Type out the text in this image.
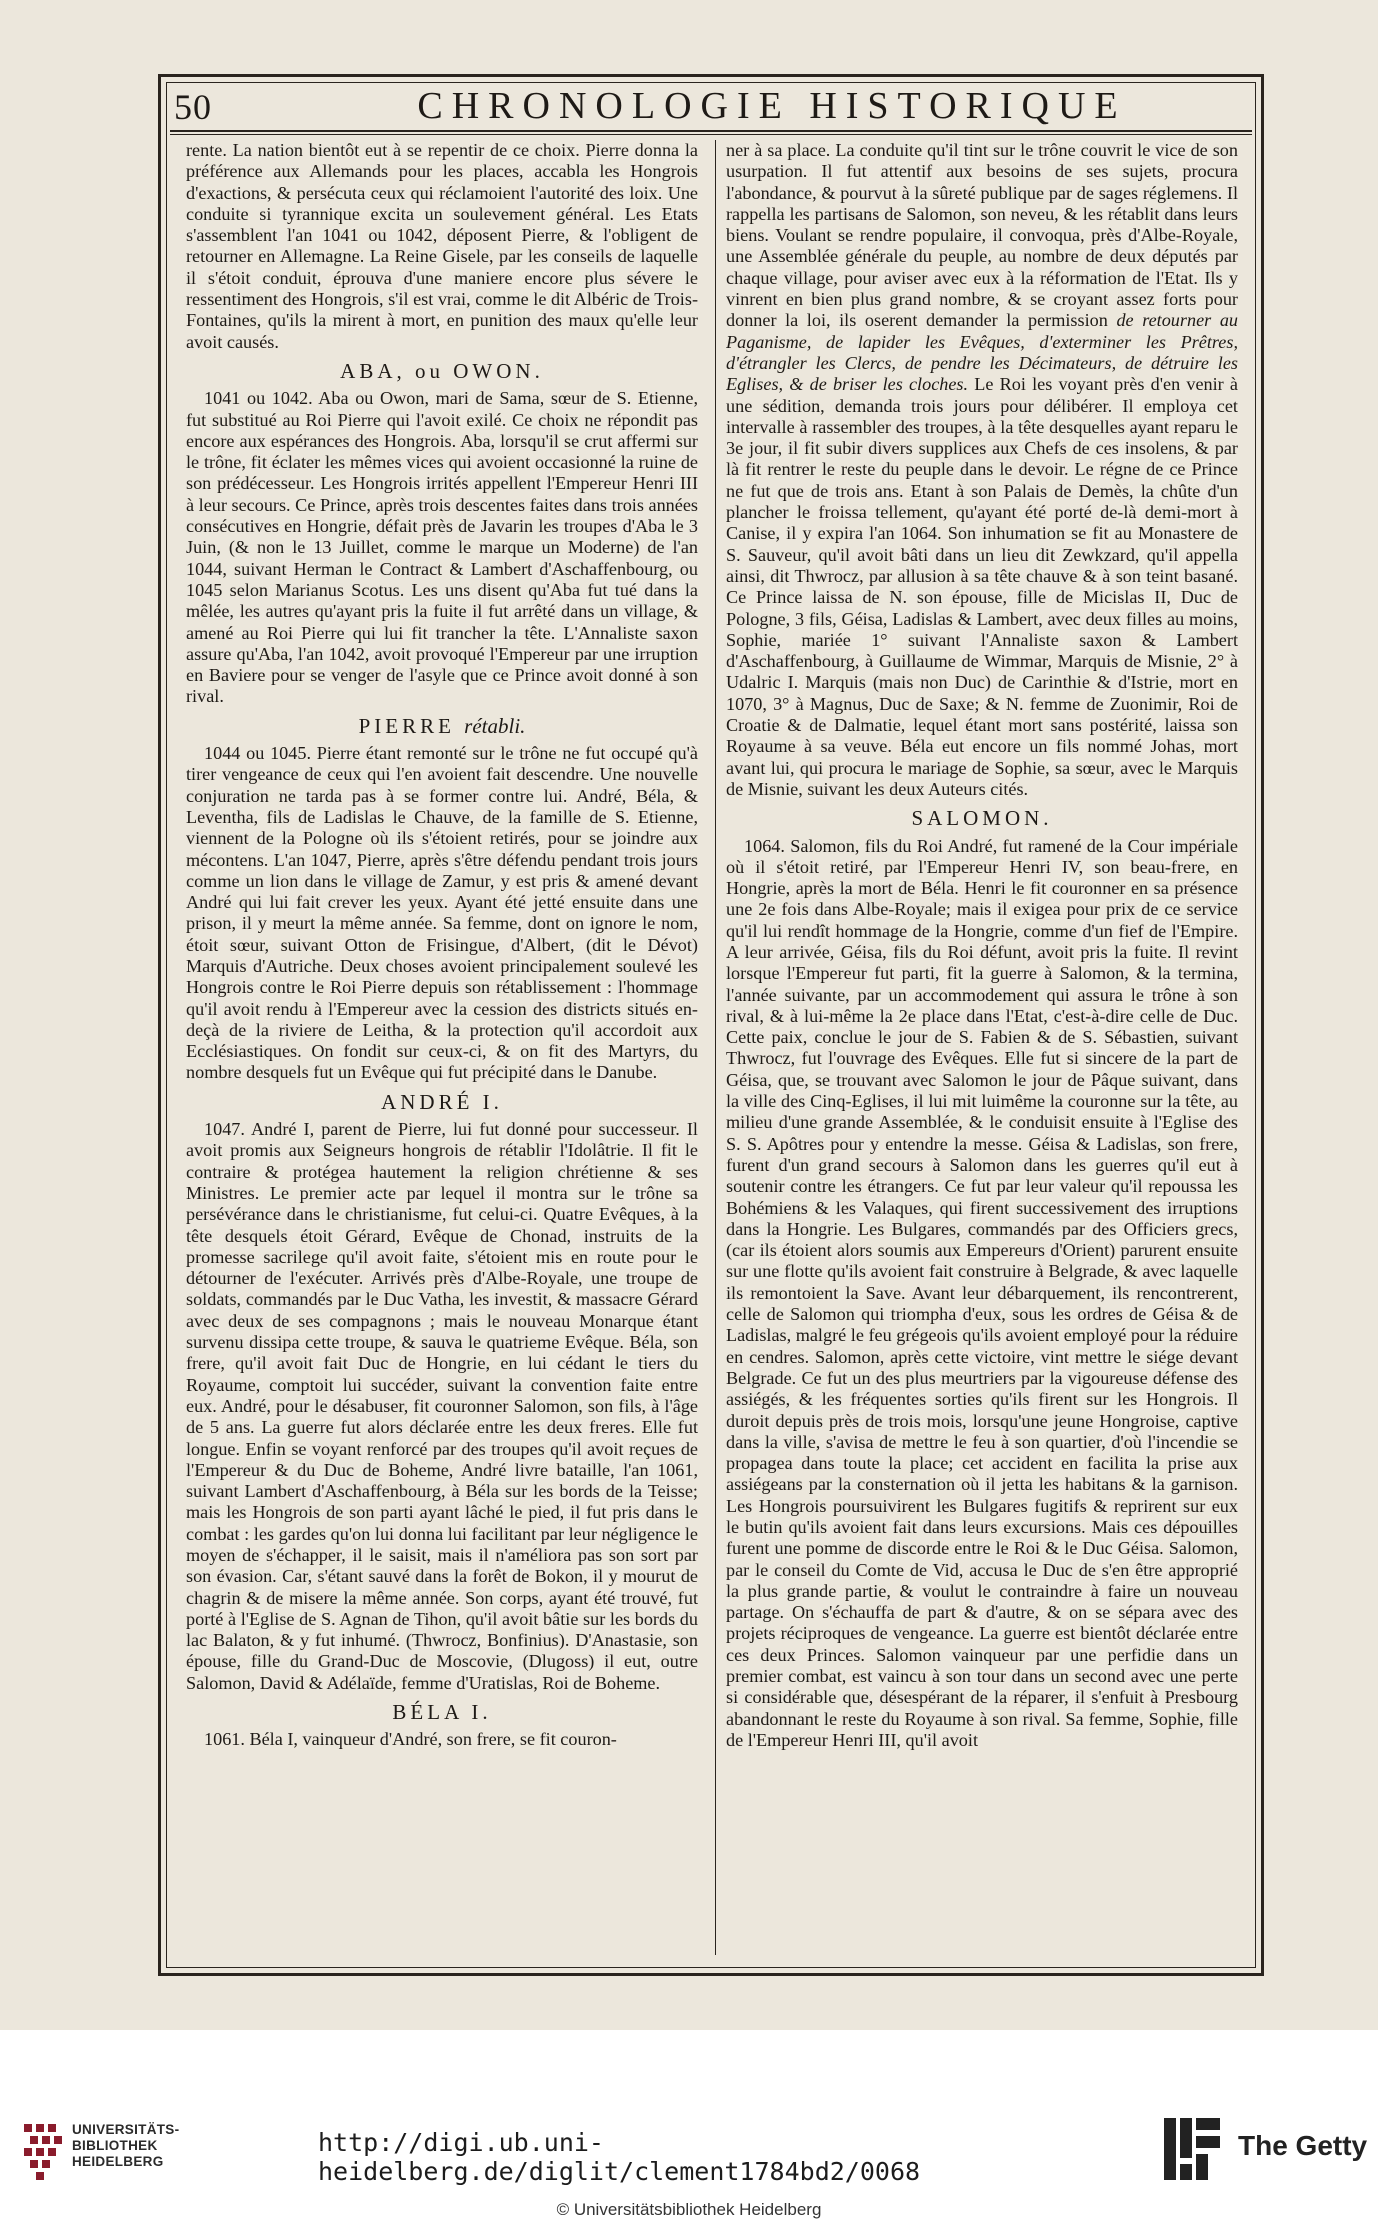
50	CHRONOLOGIE HISTORIQUE

rente. La nation bientôt eut à se repentir de ce choix. Pierre donna la préférence aux Allemands pour les places, accabla les Hongrois d'exactions, & persécuta ceux qui réclamoient l'autorité des loix. Une conduite si tyrannique excita un soulevement général. Les Etats s'assemblent l'an 1041 ou 1042, déposent Pierre, & l'obligent de retourner en Allemagne. La Reine Gisele, par les conseils de laquelle il s'étoit conduit, éprouva d'une maniere encore plus sévere le ressentiment des Hongrois, s'il est vrai, comme le dit Albéric de Trois-Fontaines, qu'ils la mirent à mort, en punition des maux qu'elle leur avoit causés.

ABA, ou OWON.

1041 ou 1042. Aba ou Owon, mari de Sama, sœur de S. Etienne, fut substitué au Roi Pierre qui l'avoit exilé. Ce choix ne répondit pas encore aux espérances des Hongrois. Aba, lorsqu'il se crut affermi sur le trône, fit éclater les mêmes vices qui avoient occasionné la ruine de son prédécesseur. Les Hongrois irrités appellent l'Empereur Henri III à leur secours. Ce Prince, après trois descentes faites dans trois années consécutives en Hongrie, défait près de Javarin les troupes d'Aba le 3 Juin, (& non le 13 Juillet, comme le marque un Moderne) de l'an 1044, suivant Herman le Contract & Lambert d'Aschaffenbourg, ou 1045 selon Marianus Scotus. Les uns disent qu'Aba fut tué dans la mêlée, les autres qu'ayant pris la fuite il fut arrêté dans un village, & amené au Roi Pierre qui lui fit trancher la tête. L'Annaliste saxon assure qu'Aba, l'an 1042, avoit provoqué l'Empereur par une irruption en Baviere pour se venger de l'asyle que ce Prince avoit donné à son rival.

PIERRE rétabli.

1044 ou 1045. Pierre étant remonté sur le trône ne fut occupé qu'à tirer vengeance de ceux qui l'en avoient fait descendre. Une nouvelle conjuration ne tarda pas à se former contre lui. André, Béla, & Leventha, fils de Ladislas le Chauve, de la famille de S. Etienne, viennent de la Pologne où ils s'étoient retirés, pour se joindre aux mécontens. L'an 1047, Pierre, après s'être défendu pendant trois jours comme un lion dans le village de Zamur, y est pris & amené devant André qui lui fait crever les yeux. Ayant été jetté ensuite dans une prison, il y meurt la même année. Sa femme, dont on ignore le nom, étoit sœur, suivant Otton de Frisingue, d'Albert, (dit le Dévot) Marquis d'Autriche. Deux choses avoient principalement soulevé les Hongrois contre le Roi Pierre depuis son rétablissement : l'hommage qu'il avoit rendu à l'Empereur avec la cession des districts situés en-deçà de la riviere de Leitha, & la protection qu'il accordoit aux Ecclésiastiques. On fondit sur ceux-ci, & on fit des Martyrs, du nombre desquels fut un Evêque qui fut précipité dans le Danube.

ANDRÉ I.

1047. André I, parent de Pierre, lui fut donné pour successeur. Il avoit promis aux Seigneurs hongrois de rétablir l'Idolâtrie. Il fit le contraire & protégea hautement la religion chrétienne & ses Ministres. Le premier acte par lequel il montra sur le trône sa persévérance dans le christianisme, fut celui-ci. Quatre Evêques, à la tête desquels étoit Gérard, Evêque de Chonad, instruits de la promesse sacrilege qu'il avoit faite, s'étoient mis en route pour le détourner de l'exécuter. Arrivés près d'Albe-Royale, une troupe de soldats, commandés par le Duc Vatha, les investit, & massacre Gérard avec deux de ses compagnons ; mais le nouveau Monarque étant survenu dissipa cette troupe, & sauva le quatrieme Evêque. Béla, son frere, qu'il avoit fait Duc de Hongrie, en lui cédant le tiers du Royaume, comptoit lui succéder, suivant la convention faite entre eux. André, pour le désabuser, fit couronner Salomon, son fils, à l'âge de 5 ans. La guerre fut alors déclarée entre les deux freres. Elle fut longue. Enfin se voyant renforcé par des troupes qu'il avoit reçues de l'Empereur & du Duc de Boheme, André livre bataille, l'an 1061, suivant Lambert d'Aschaffenbourg, à Béla sur les bords de la Teisse; mais les Hongrois de son parti ayant lâché le pied, il fut pris dans le combat : les gardes qu'on lui donna lui facilitant par leur négligence le moyen de s'échapper, il le saisit, mais il n'améliora pas son sort par son évasion. Car, s'étant sauvé dans la forêt de Bokon, il y mourut de chagrin & de misere la même année. Son corps, ayant été trouvé, fut porté à l'Eglise de S. Agnan de Tihon, qu'il avoit bâtie sur les bords du lac Balaton, & y fut inhumé. (Thwrocz, Bonfinius). D'Anastasie, son épouse, fille du Grand-Duc de Moscovie, (Dlugoss) il eut, outre Salomon, David & Adélaïde, femme d'Uratislas, Roi de Boheme.

BÉLA I.

1061. Béla I, vainqueur d'André, son frere, se fit couron-

ner à sa place. La conduite qu'il tint sur le trône couvrit le vice de son usurpation. Il fut attentif aux besoins de ses sujets, procura l'abondance, & pourvut à la sûreté publique par de sages réglemens. Il rappella les partisans de Salomon, son neveu, & les rétablit dans leurs biens. Voulant se rendre populaire, il convoqua, près d'Albe-Royale, une Assemblée générale du peuple, au nombre de deux députés par chaque village, pour aviser avec eux à la réformation de l'Etat. Ils y vinrent en bien plus grand nombre, & se croyant assez forts pour donner la loi, ils oserent demander la permission de retourner au Paganisme, de lapider les Evêques, d'exterminer les Prêtres, d'étrangler les Clercs, de pendre les Décimateurs, de détruire les Eglises, & de briser les cloches. Le Roi les voyant près d'en venir à une sédition, demanda trois jours pour délibérer. Il employa cet intervalle à rassembler des troupes, à la tête desquelles ayant reparu le 3e jour, il fit subir divers supplices aux Chefs de ces insolens, & par là fit rentrer le reste du peuple dans le devoir. Le régne de ce Prince ne fut que de trois ans. Etant à son Palais de Demès, la chûte d'un plancher le froissa tellement, qu'ayant été porté de-là demi-mort à Canise, il y expira l'an 1064. Son inhumation se fit au Monastere de S. Sauveur, qu'il avoit bâti dans un lieu dit Zewkzard, qu'il appella ainsi, dit Thwrocz, par allusion à sa tête chauve & à son teint basané. Ce Prince laissa de N. son épouse, fille de Micislas II, Duc de Pologne, 3 fils, Géisa, Ladislas & Lambert, avec deux filles au moins, Sophie, mariée 1° suivant l'Annaliste saxon & Lambert d'Aschaffenbourg, à Guillaume de Wimmar, Marquis de Misnie, 2° à Udalric I. Marquis (mais non Duc) de Carinthie & d'Istrie, mort en 1070, 3° à Magnus, Duc de Saxe; & N. femme de Zuonimir, Roi de Croatie & de Dalmatie, lequel étant mort sans postérité, laissa son Royaume à sa veuve. Béla eut encore un fils nommé Johas, mort avant lui, qui procura le mariage de Sophie, sa sœur, avec le Marquis de Misnie, suivant les deux Auteurs cités.

SALOMON.

1064. Salomon, fils du Roi André, fut ramené de la Cour impériale où il s'étoit retiré, par l'Empereur Henri IV, son beau-frere, en Hongrie, après la mort de Béla. Henri le fit couronner en sa présence une 2e fois dans Albe-Royale; mais il exigea pour prix de ce service qu'il lui rendît hommage de la Hongrie, comme d'un fief de l'Empire. A leur arrivée, Géisa, fils du Roi défunt, avoit pris la fuite. Il revint lorsque l'Empereur fut parti, fit la guerre à Salomon, & la termina, l'année suivante, par un accommodement qui assura le trône à son rival, & à lui-même la 2e place dans l'Etat, c'est-à-dire celle de Duc. Cette paix, conclue le jour de S. Fabien & de S. Sébastien, suivant Thwrocz, fut l'ouvrage des Evêques. Elle fut si sincere de la part de Géisa, que, se trouvant avec Salomon le jour de Pâque suivant, dans la ville des Cinq-Eglises, il lui mit luimême la couronne sur la tête, au milieu d'une grande Assemblée, & le conduisit ensuite à l'Eglise des S. S. Apôtres pour y entendre la messe. Géisa & Ladislas, son frere, furent d'un grand secours à Salomon dans les guerres qu'il eut à soutenir contre les étrangers. Ce fut par leur valeur qu'il repoussa les Bohémiens & les Valaques, qui firent successivement des irruptions dans la Hongrie. Les Bulgares, commandés par des Officiers grecs, (car ils étoient alors soumis aux Empereurs d'Orient) parurent ensuite sur une flotte qu'ils avoient fait construire à Belgrade, & avec laquelle ils remontoient la Save. Avant leur débarquement, ils rencontrerent, celle de Salomon qui triompha d'eux, sous les ordres de Géisa & de Ladislas, malgré le feu grégeois qu'ils avoient employé pour la réduire en cendres. Salomon, après cette victoire, vint mettre le siége devant Belgrade. Ce fut un des plus meurtriers par la vigoureuse défense des assiégés, & les fréquentes sorties qu'ils firent sur les Hongrois. Il duroit depuis près de trois mois, lorsqu'une jeune Hongroise, captive dans la ville, s'avisa de mettre le feu à son quartier, d'où l'incendie se propagea dans toute la place; cet accident en facilita la prise aux assiégeans par la consternation où il jetta les habitans & la garnison. Les Hongrois poursuivirent les Bulgares fugitifs & reprirent sur eux le butin qu'ils avoient fait dans leurs excursions. Mais ces dépouilles furent une pomme de discorde entre le Roi & le Duc Géisa. Salomon, par le conseil du Comte de Vid, accusa le Duc de s'en être approprié la plus grande partie, & voulut le contraindre à faire un nouveau partage. On s'échauffa de part & d'autre, & on se sépara avec des projets réciproques de vengeance. La guerre est bientôt déclarée entre ces deux Princes. Salomon vainqueur par une perfidie dans un premier combat, est vaincu à son tour dans un second avec une perte si considérable que, désespérant de la réparer, il s'enfuit à Presbourg abandonnant le reste du Royaume à son rival. Sa femme, Sophie, fille de l'Empereur Henri III, qu'il avoit

UNIVERSITÄTS-
BIBLIOTHEK
HEIDELBERG
http://digi.ub.uni-heidelberg.de/diglit/clement1784bd2/0068
The Getty
© Universitätsbibliothek Heidelberg
